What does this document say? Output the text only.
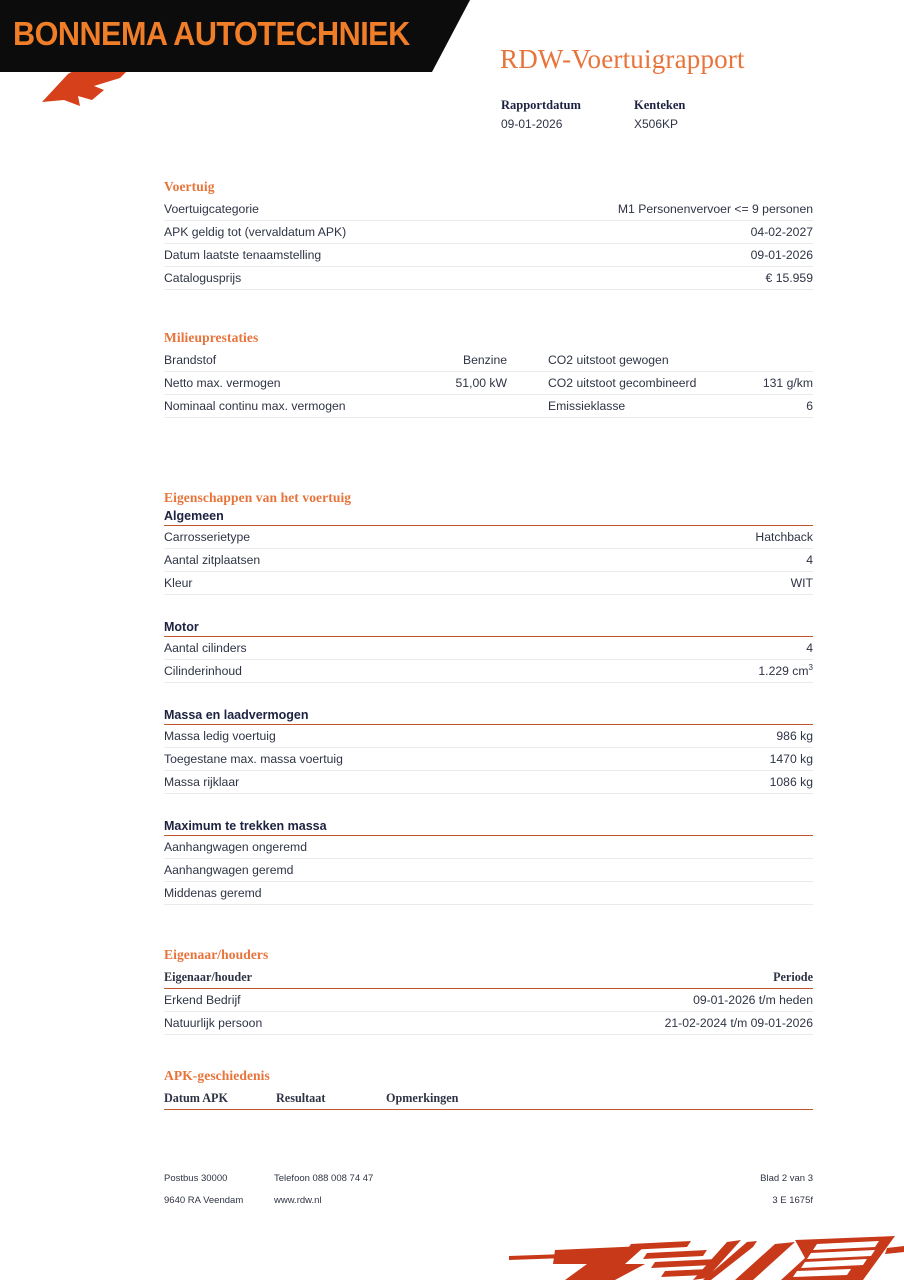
BONNEMA AUTOTECHNIEK
RDW-Voertuigrapport
Rapportdatum
09-01-2026
Kenteken
X506KP
Voertuig
Voertuigcategorie	M1 Personenvervoer <= 9 personen
APK geldig tot (vervaldatum APK)	04-02-2027
Datum laatste tenaamstelling	09-01-2026
Catalogusprijs	€ 15.959
Milieuprestaties
Brandstof	Benzine	CO2 uitstoot gewogen	
Netto max. vermogen	51,00 kW	CO2 uitstoot gecombineerd	131 g/km
Nominaal continu max. vermogen		Emissieklasse	6
Eigenschappen van het voertuig
Algemeen
Carrosserietype	Hatchback
Aantal zitplaatsen	4
Kleur	WIT
Motor
Aantal cilinders	4
Cilinderinhoud	1.229 $cm^3$
Massa en laadvermogen
Massa ledig voertuig	986 kg
Toegestane max. massa voertuig	1470 kg
Massa rijklaar	1086 kg
Maximum te trekken massa
Aanhangwagen ongeremd	
Aanhangwagen geremd	
Middenas geremd	
Eigenaar/houders
Eigenaar/houder	Periode
Erkend Bedrijf	09-01-2026 t/m heden
Natuurlijk persoon	21-02-2024 t/m 09-01-2026
APK-geschiedenis
Datum APK	Resultaat	Opmerkingen
Postbus 30000	Telefoon 088 008 74 47	Blad 2 van 3
9640 RA Veendam	www.rdw.nl	3 E 1675f
